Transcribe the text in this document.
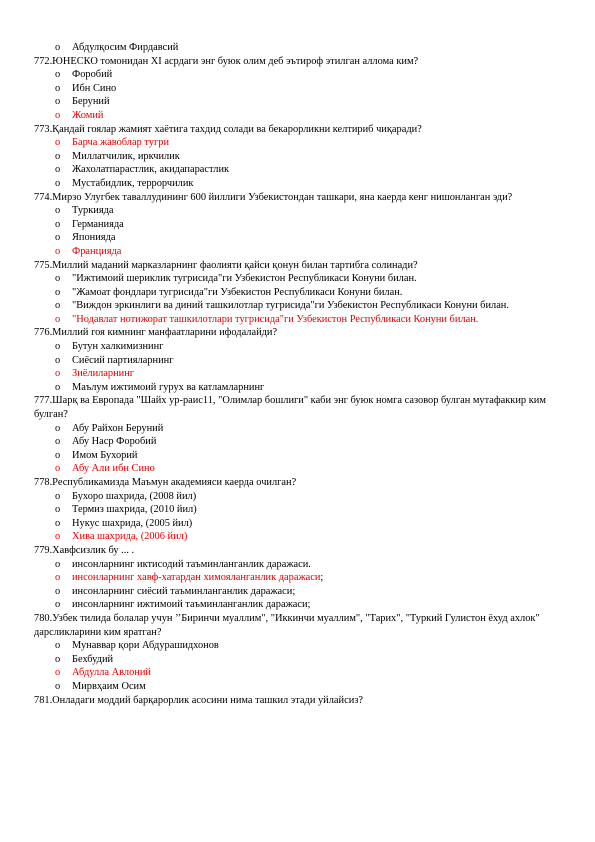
o Абдулқосим Фирдавсий

772.ЮНЕСКО томонидан XI асрдаги энг буюк олим деб эътироф этилган алломa ким?

o Форобий

o Ибн Сино

o Беруний

o Жомий

773.Қандай гоялар жамият хаётига тахдид солади ва бекарорликни келтириб чиқаради?

o Барча жавоблар тугри

o Миллатчилик, иркчилик

o Жахолатпарастлик, акидапарастлик

o Мустабидлик, террорчилик

774.Мирзо Улугбек таваллудининг 600 йиллиги Узбекистондан ташкари, яна каерда кенг нишонланган эди?

o Туркияда

o Германияда

o Японияда

o Францияда

775.Миллий маданий марказларнинг фаолияти қайси қонун билан тартибга солинади?

o "Ижтимоий шериклик тугрисида"ги Узбекистон Республикаси Конуни билан.

o "Жамоат фондлари тугрисида"ги Узбекистон Республикаси Конуни билан.

o "Виждон эркинлиги ва диний ташкилотлар тугрисида"ги Узбекистон Республикаси Конуни билан.

o "Нодавлат нотижорат ташкилотлари тугрисида"ги Узбекистон Республикаси Конуни билан.

776.Миллий гоя кимнинг манфаатларини ифодалайди?

o Бутун халкимизнинг

o Сиёсий партияларнинг

o Зиёлиларнинг

o Маълум ижтимоий гурух ва катламларнинг

777.Шарқ ва Европада "Шайх ур-раис11, "Олимлар бошлиги" каби энг буюк номга сазовор булган мутафаккир ким булган?

o Абу Райхон Беруний

o Абу Наср Форобий

o Имом Бухорий

o Абу Али ибн Сино

778.Республикамизда Маъмун академияси каерда очилган?

o Бухоро шахрида, (2008 йил)

o Термиз шахрида, (2010 йил)

o Нукус шахрида, (2005 йил)

o Хива шахрида, (2006 йил)

779.Хавфсизлик бу ... .

o инсонларнинг иктисодий таъминланганлик даражаси.

o инсонларнинг хавф-хатардан химояланганлик даражаси;

o инсонларнинг сиёсий таъминланганлик даражаси;

o инсонларнинг ижтимоий таъминланганлик даражаси;

780.Узбек тилида болалар учун ’’Биринчи муаллим", "Иккинчи муаллим", "Тарих", "Туркий Гулистон ёхуд ахлок" дарсликларини ким яратган?

o Мунаввар қори Абдурашидхонов

o Бехбудий

o Абдулла Авлоний

o Мирвҳаим Осим

781.Онладаги моддий барқарорлик асосини нима ташкил этади уйлайсиз?
